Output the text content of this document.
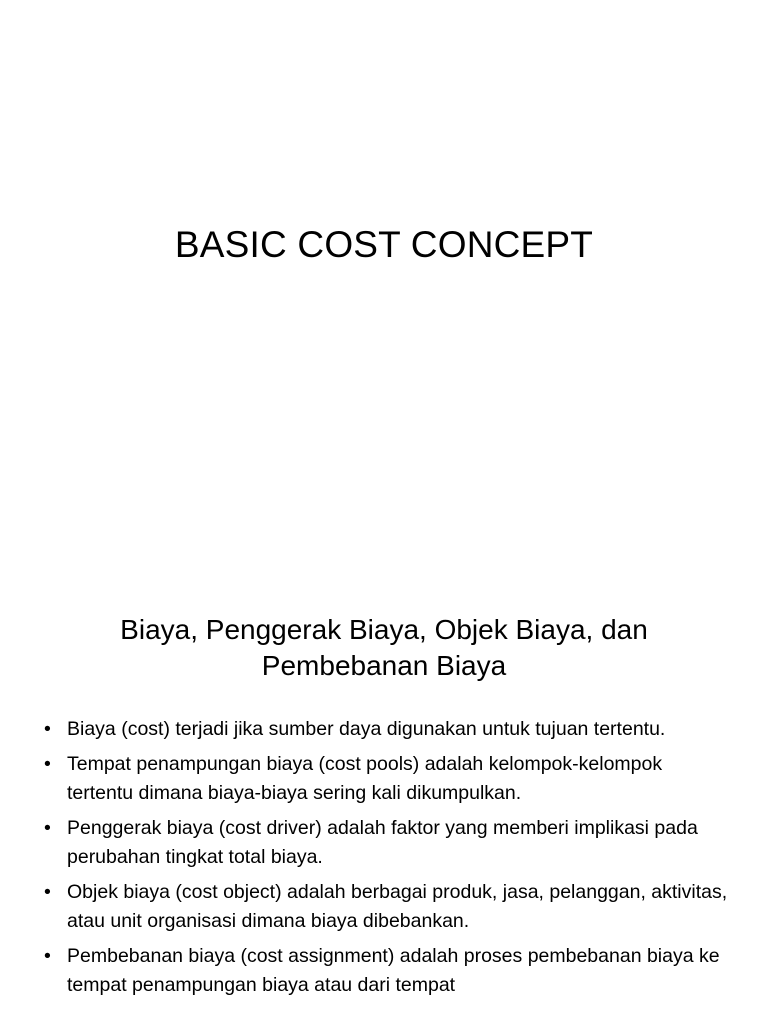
BASIC COST CONCEPT
Biaya, Penggerak Biaya, Objek Biaya, dan
Pembebanan Biaya
• Biaya (cost) terjadi jika sumber daya digunakan untuk tujuan tertentu.
• Tempat penampungan biaya (cost pools) adalah kelompok-kelompok tertentu dimana biaya-biaya sering kali dikumpulkan.
• Penggerak biaya (cost driver) adalah faktor yang memberi implikasi pada perubahan tingkat total biaya.
• Objek biaya (cost object) adalah berbagai produk, jasa, pelanggan, aktivitas, atau unit organisasi dimana biaya dibebankan.
• Pembebanan biaya (cost assignment) adalah proses pembebanan biaya ke tempat penampungan biaya atau dari tempat
